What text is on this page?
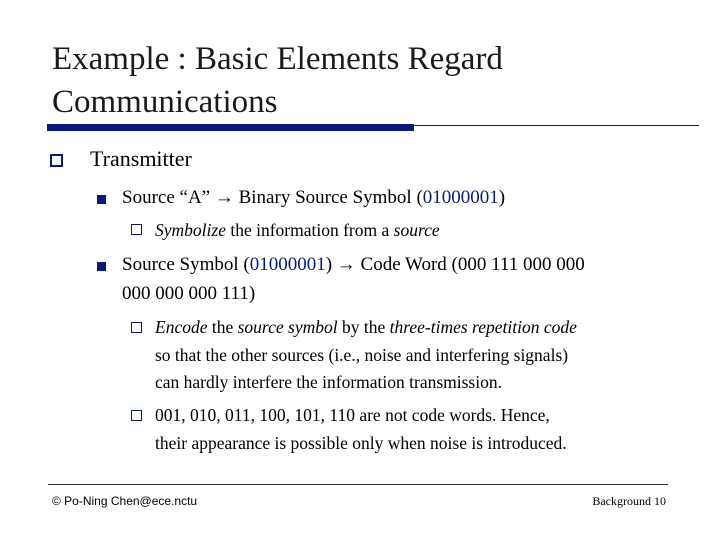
Example : Basic Elements Regard
Communications
Transmitter
Source “A” → Binary Source Symbol (01000001)
Symbolize the information from a source
Source Symbol (01000001) → Code Word (000 111 000 000
000 000 000 111)
Encode the source symbol by the three-times repetition code
so that the other sources (i.e., noise and interfering signals)
can hardly interfere the information transmission.
001, 010, 011, 100, 101, 110 are not code words. Hence,
their appearance is possible only when noise is introduced.
© Po-Ning Chen@ece.nctu	Background 10
